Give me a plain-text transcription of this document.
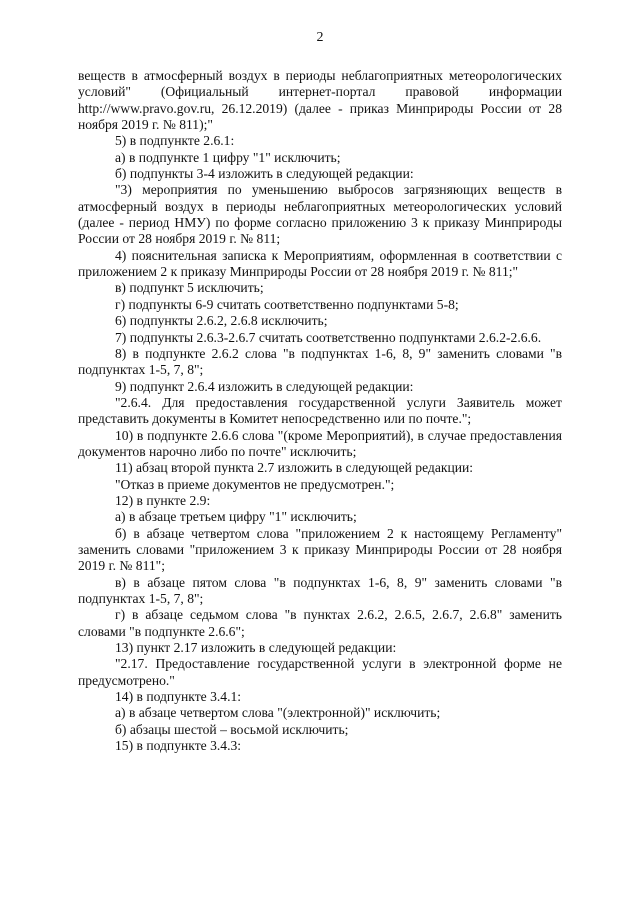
2

веществ в атмосферный воздух в периоды неблагоприятных метеорологических условий" (Официальный интернет-портал правовой информации http://www.pravo.gov.ru, 26.12.2019) (далее - приказ Минприроды России от 28 ноября 2019 г. № 811);"

5) в подпункте 2.6.1:

а) в подпункте 1 цифру "1" исключить;

б) подпункты 3-4 изложить в следующей редакции:

"3) мероприятия по уменьшению выбросов загрязняющих веществ в атмосферный воздух в периоды неблагоприятных метеорологических условий (далее - период НМУ) по форме согласно приложению 3 к приказу Минприроды России от 28 ноября 2019 г. № 811;

4) пояснительная записка к Мероприятиям, оформленная в соответствии с приложением 2 к приказу Минприроды России от 28 ноября 2019 г. № 811;"

в) подпункт 5 исключить;

г) подпункты 6-9 считать соответственно подпунктами 5-8;

6) подпункты 2.6.2, 2.6.8 исключить;

7) подпункты 2.6.3-2.6.7 считать соответственно подпунктами 2.6.2-2.6.6.

8) в подпункте 2.6.2 слова "в подпунктах 1-6, 8, 9" заменить словами "в подпунктах 1-5, 7, 8";

9) подпункт 2.6.4 изложить в следующей редакции:

"2.6.4. Для предоставления государственной услуги Заявитель может представить документы в Комитет непосредственно или по почте.";

10) в подпункте 2.6.6 слова "(кроме Мероприятий), в случае предоставления документов нарочно либо по почте" исключить;

11) абзац второй пункта 2.7 изложить в следующей редакции:

"Отказ в приеме документов не предусмотрен.";

12) в пункте 2.9:

а) в абзаце третьем цифру "1" исключить;

б) в абзаце четвертом слова "приложением 2 к настоящему Регламенту" заменить словами "приложением 3 к приказу Минприроды России от 28 ноября 2019 г. № 811";

в) в абзаце пятом слова "в подпунктах 1-6, 8, 9" заменить словами "в подпунктах 1-5, 7, 8";

г) в абзаце седьмом слова "в пунктах 2.6.2, 2.6.5, 2.6.7, 2.6.8" заменить словами "в подпункте 2.6.6";

13) пункт 2.17 изложить в следующей редакции:

"2.17. Предоставление государственной услуги в электронной форме не предусмотрено."

14) в подпункте 3.4.1:

а) в абзаце четвертом слова "(электронной)" исключить;

б) абзацы шестой – восьмой исключить;

15) в подпункте 3.4.3:
